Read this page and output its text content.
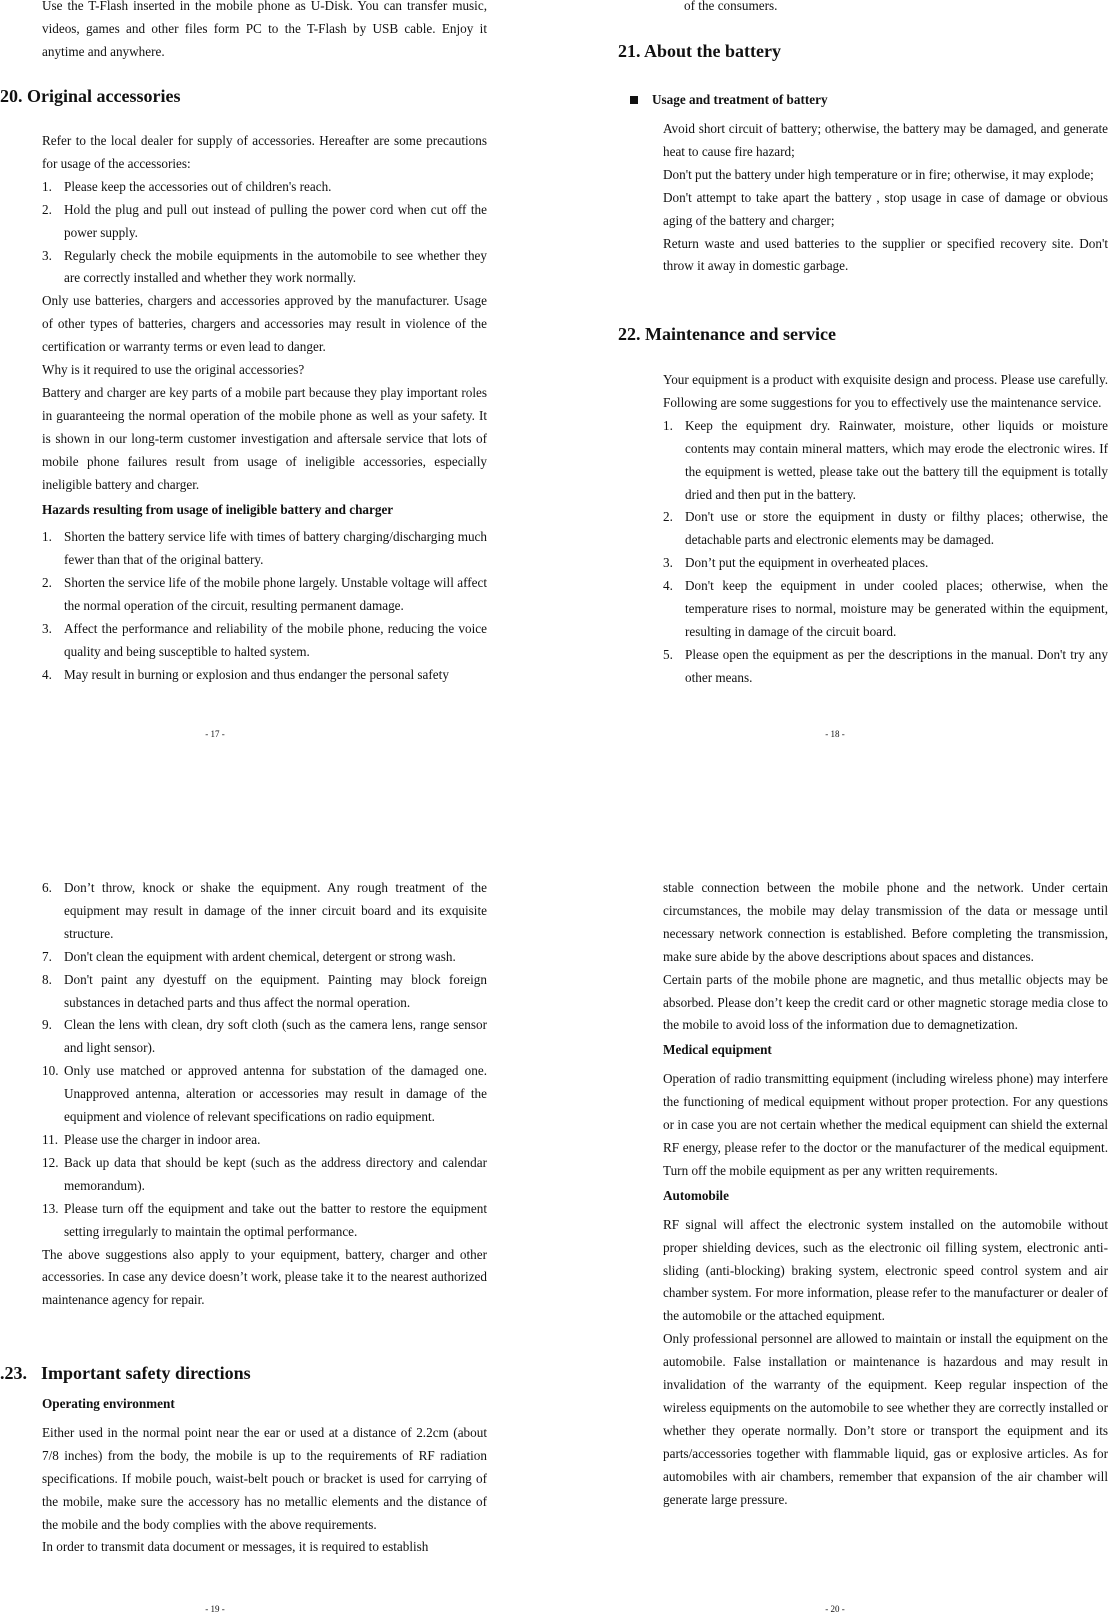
Use the T-Flash inserted in the mobile phone as U-Disk. You can transfer music, videos, games and other files form PC to the T-Flash by USB cable. Enjoy it anytime and anywhere.

20. Original accessories

Refer to the local dealer for supply of accessories. Hereafter are some precautions for usage of the accessories:

1. Please keep the accessories out of children's reach.
2. Hold the plug and pull out instead of pulling the power cord when cut off the power supply.
3. Regularly check the mobile equipments in the automobile to see whether they are correctly installed and whether they work normally.

Only use batteries, chargers and accessories approved by the manufacturer. Usage of other types of batteries, chargers and accessories may result in violence of the certification or warranty terms or even lead to danger.

Why is it required to use the original accessories?

Battery and charger are key parts of a mobile part because they play important roles in guaranteeing the normal operation of the mobile phone as well as your safety. It is shown in our long-term customer investigation and aftersale service that lots of mobile phone failures result from usage of ineligible accessories, especially ineligible battery and charger.

Hazards resulting from usage of ineligible battery and charger

1. Shorten the battery service life with times of battery charging/discharging much fewer than that of the original battery.
2. Shorten the service life of the mobile phone largely. Unstable voltage will affect the normal operation of the circuit, resulting permanent damage.
3. Affect the performance and reliability of the mobile phone, reducing the voice quality and being susceptible to halted system.
4. May result in burning or explosion and thus endanger the personal safety
- 17 -

of the consumers.

21. About the battery
Usage and treatment of battery

Avoid short circuit of battery; otherwise, the battery may be damaged, and generate heat to cause fire hazard;

Don't put the battery under high temperature or in fire; otherwise, it may explode;

Don't attempt to take apart the battery , stop usage in case of damage or obvious aging of the battery and charger;

Return waste and used batteries to the supplier or specified recovery site. Don't throw it away in domestic garbage.

22. Maintenance and service

Your equipment is a product with exquisite design and process. Please use carefully. Following are some suggestions for you to effectively use the maintenance service.

1. Keep the equipment dry. Rainwater, moisture, other liquids or moisture contents may contain mineral matters, which may erode the electronic wires. If the equipment is wetted, please take out the battery till the equipment is totally dried and then put in the battery.
2. Don't use or store the equipment in dusty or filthy places; otherwise, the detachable parts and electronic elements may be damaged.
3. Don’t put the equipment in overheated places.
4. Don't keep the equipment in under cooled places; otherwise, when the temperature rises to normal, moisture may be generated within the equipment, resulting in damage of the circuit board.
5. Please open the equipment as per the descriptions in the manual. Don't try any other means.
- 18 -
6. Don’t throw, knock or shake the equipment. Any rough treatment of the equipment may result in damage of the inner circuit board and its exquisite structure.
7. Don't clean the equipment with ardent chemical, detergent or strong wash.
8. Don't paint any dyestuff on the equipment. Painting may block foreign substances in detached parts and thus affect the normal operation.
9. Clean the lens with clean, dry soft cloth (such as the camera lens, range sensor and light sensor).
10. Only use matched or approved antenna for substation of the damaged one. Unapproved antenna, alteration or accessories may result in damage of the equipment and violence of relevant specifications on radio equipment.
11. Please use the charger in indoor area.
12. Back up data that should be kept (such as the address directory and calendar memorandum).
13. Please turn off the equipment and take out the batter to restore the equipment setting irregularly to maintain the optimal performance.

The above suggestions also apply to your equipment, battery, charger and other accessories. In case any device doesn’t work, please take it to the nearest authorized maintenance agency for repair.

.23. Important safety directions

Operating environment

Either used in the normal point near the ear or used at a distance of 2.2cm (about 7/8 inches) from the body, the mobile is up to the requirements of RF radiation specifications. If mobile pouch, waist-belt pouch or bracket is used for carrying of the mobile, make sure the accessory has no metallic elements and the distance of the mobile and the body complies with the above requirements.

In order to transmit data document or messages, it is required to establish

- 19 -

stable connection between the mobile phone and the network. Under certain circumstances, the mobile may delay transmission of the data or message until necessary network connection is established. Before completing the transmission, make sure abide by the above descriptions about spaces and distances.

Certain parts of the mobile phone are magnetic, and thus metallic objects may be absorbed. Please don’t keep the credit card or other magnetic storage media close to the mobile to avoid loss of the information due to demagnetization.

Medical equipment

Operation of radio transmitting equipment (including wireless phone) may interfere the functioning of medical equipment without proper protection. For any questions or in case you are not certain whether the medical equipment can shield the external RF energy, please refer to the doctor or the manufacturer of the medical equipment. Turn off the mobile equipment as per any written requirements.

Automobile

RF signal will affect the electronic system installed on the automobile without proper shielding devices, such as the electronic oil filling system, electronic anti-sliding (anti-blocking) braking system, electronic speed control system and air chamber system. For more information, please refer to the manufacturer or dealer of the automobile or the attached equipment.

Only professional personnel are allowed to maintain or install the equipment on the automobile. False installation or maintenance is hazardous and may result in invalidation of the warranty of the equipment. Keep regular inspection of the wireless equipments on the automobile to see whether they are correctly installed or whether they operate normally. Don’t store or transport the equipment and its parts/accessories together with flammable liquid, gas or explosive articles. As for automobiles with air chambers, remember that expansion of the air chamber will generate large pressure.

- 20 -
